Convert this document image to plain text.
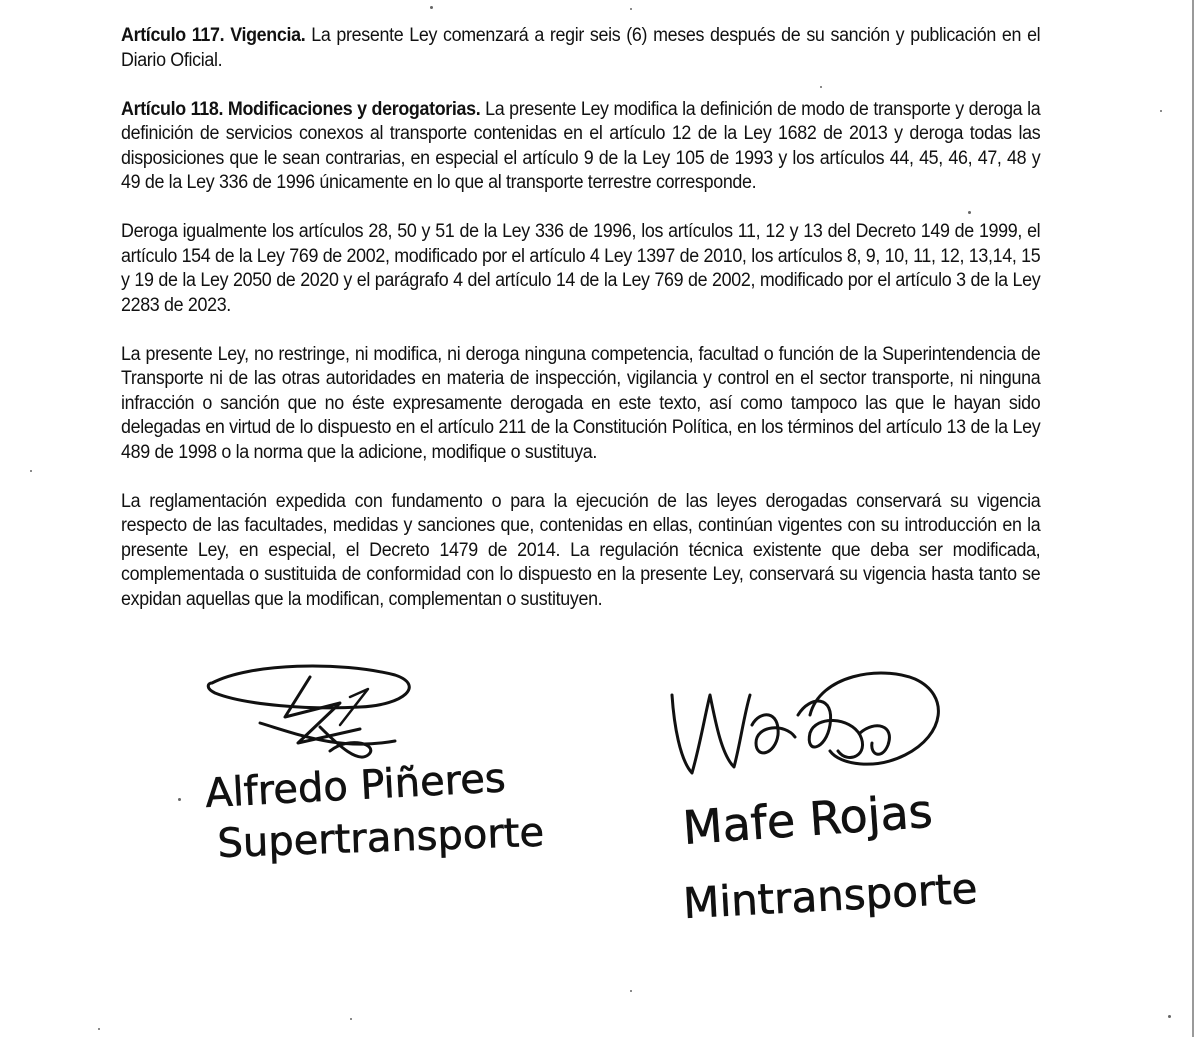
Artículo 117. Vigencia. La presente Ley comenzará a regir seis (6) meses después de su sanción y publicación en el Diario Oficial.

Artículo 118. Modificaciones y derogatorias. La presente Ley modifica la definición de modo de transporte y deroga la definición de servicios conexos al transporte contenidas en el artículo 12 de la Ley 1682 de 2013 y deroga todas las disposiciones que le sean contrarias, en especial el artículo 9 de la Ley 105 de 1993 y los artículos 44, 45, 46, 47, 48 y 49 de la Ley 336 de 1996 únicamente en lo que al transporte terrestre corresponde.

Deroga igualmente los artículos 28, 50 y 51 de la Ley 336 de 1996, los artículos 11, 12 y 13 del Decreto 149 de 1999, el artículo 154 de la Ley 769 de 2002, modificado por el artículo 4 Ley 1397 de 2010, los artículos 8, 9, 10, 11, 12, 13,14, 15 y 19 de la Ley 2050 de 2020 y el parágrafo 4 del artículo 14 de la Ley 769 de 2002, modificado por el artículo 3 de la Ley 2283 de 2023.

La presente Ley, no restringe, ni modifica, ni deroga ninguna competencia, facultad o función de la Superintendencia de Transporte ni de las otras autoridades en materia de inspección, vigilancia y control en el sector transporte, ni ninguna infracción o sanción que no éste expresamente derogada en este texto, así como tampoco las que le hayan sido delegadas en virtud de lo dispuesto en el artículo 211 de la Constitución Política, en los términos del artículo 13 de la Ley 489 de 1998 o la norma que la adicione, modifique o sustituya.

La reglamentación expedida con fundamento o para la ejecución de las leyes derogadas conservará su vigencia respecto de las facultades, medidas y sanciones que, contenidas en ellas, continúan vigentes con su introducción en la presente Ley, en especial, el Decreto 1479 de 2014. La regulación técnica existente que deba ser modificada, complementada o sustituida de conformidad con lo dispuesto en la presente Ley, conservará su vigencia hasta tanto se expidan aquellas que la modifican, complementan o sustituyen.

Alfredo Piñeres
Supertransporte	Mafe Rojas
Mintransporte
